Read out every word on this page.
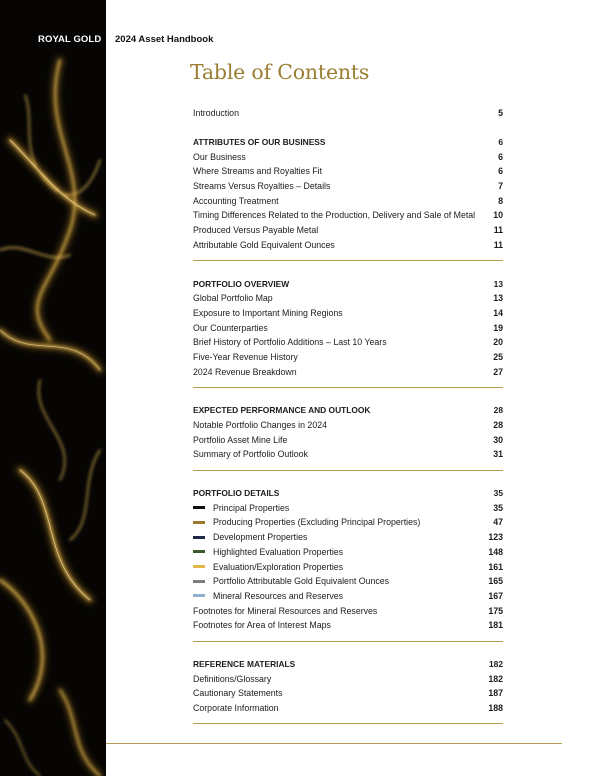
ROYAL GOLD 2024 Asset Handbook
Table of Contents
Introduction	5
ATTRIBUTES OF OUR BUSINESS	6
Our Business	6
Where Streams and Royalties Fit	6
Streams Versus Royalties – Details	7
Accounting Treatment	8
Timing Differences Related to the Production, Delivery and Sale of Metal	10
Produced Versus Payable Metal	11
Attributable Gold Equivalent Ounces	11
PORTFOLIO OVERVIEW	13
Global Portfolio Map	13
Exposure to Important Mining Regions	14
Our Counterparties	19
Brief History of Portfolio Additions – Last 10 Years	20
Five-Year Revenue History	25
2024 Revenue Breakdown	27
EXPECTED PERFORMANCE AND OUTLOOK	28
Notable Portfolio Changes in 2024	28
Portfolio Asset Mine Life	30
Summary of Portfolio Outlook	31
PORTFOLIO DETAILS	35
Principal Properties	35
Producing Properties (Excluding Principal Properties)	47
Development Properties	123
Highlighted Evaluation Properties	148
Evaluation/Exploration Properties	161
Portfolio Attributable Gold Equivalent Ounces	165
Mineral Resources and Reserves	167
Footnotes for Mineral Resources and Reserves	175
Footnotes for Area of Interest Maps	181
REFERENCE MATERIALS	182
Definitions/Glossary	182
Cautionary Statements	187
Corporate Information	188
